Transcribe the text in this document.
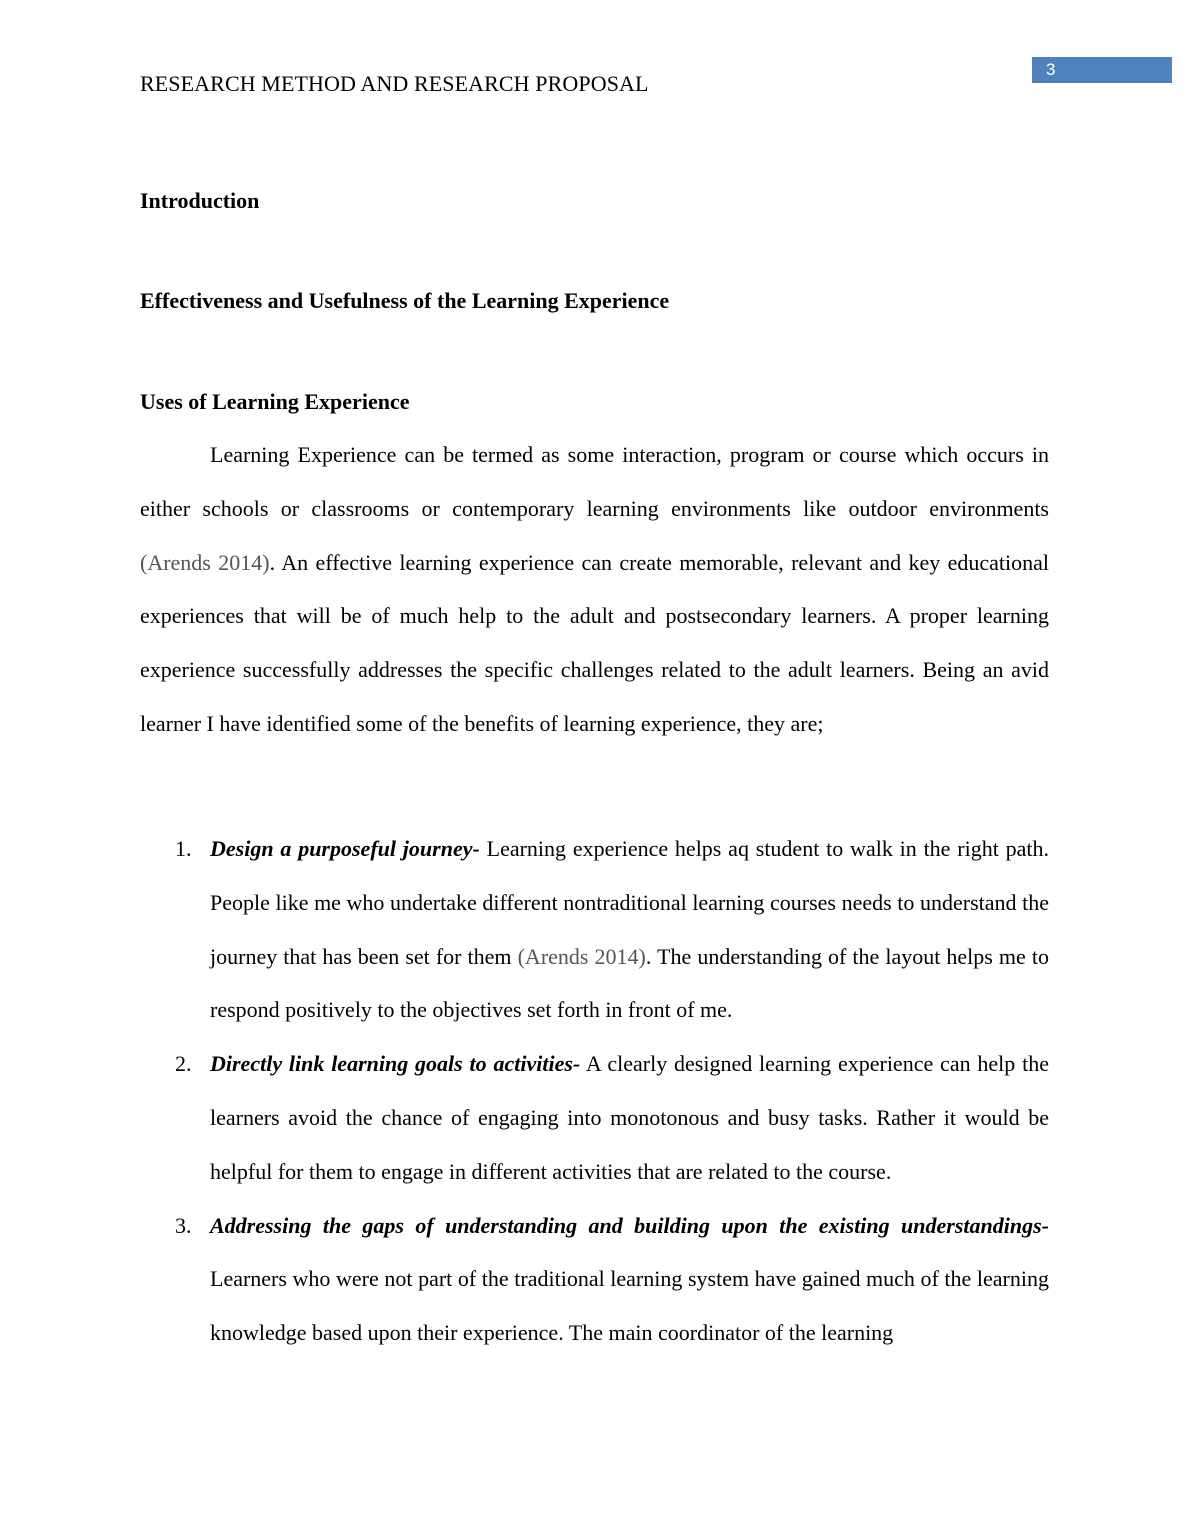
3
RESEARCH METHOD AND RESEARCH PROPOSAL
Introduction
Effectiveness and Usefulness of the Learning Experience
Uses of Learning Experience

Learning Experience can be termed as some interaction, program or course which occurs in either schools or classrooms or contemporary learning environments like outdoor environments (Arends 2014). An effective learning experience can create memorable, relevant and key educational experiences that will be of much help to the adult and postsecondary learners. A proper learning experience successfully addresses the specific challenges related to the adult learners. Being an avid learner I have identified some of the benefits of learning experience, they are;

1. Design a purposeful journey- Learning experience helps aq student to walk in the right path. People like me who undertake different nontraditional learning courses needs to understand the journey that has been set for them (Arends 2014). The understanding of the layout helps me to respond positively to the objectives set forth in front of me.
2. Directly link learning goals to activities- A clearly designed learning experience can help the learners avoid the chance of engaging into monotonous and busy tasks. Rather it would be helpful for them to engage in different activities that are related to the course.
3. Addressing the gaps of understanding and building upon the existing understandings- Learners who were not part of the traditional learning system have gained much of the learning knowledge based upon their experience. The main coordinator of the learning
